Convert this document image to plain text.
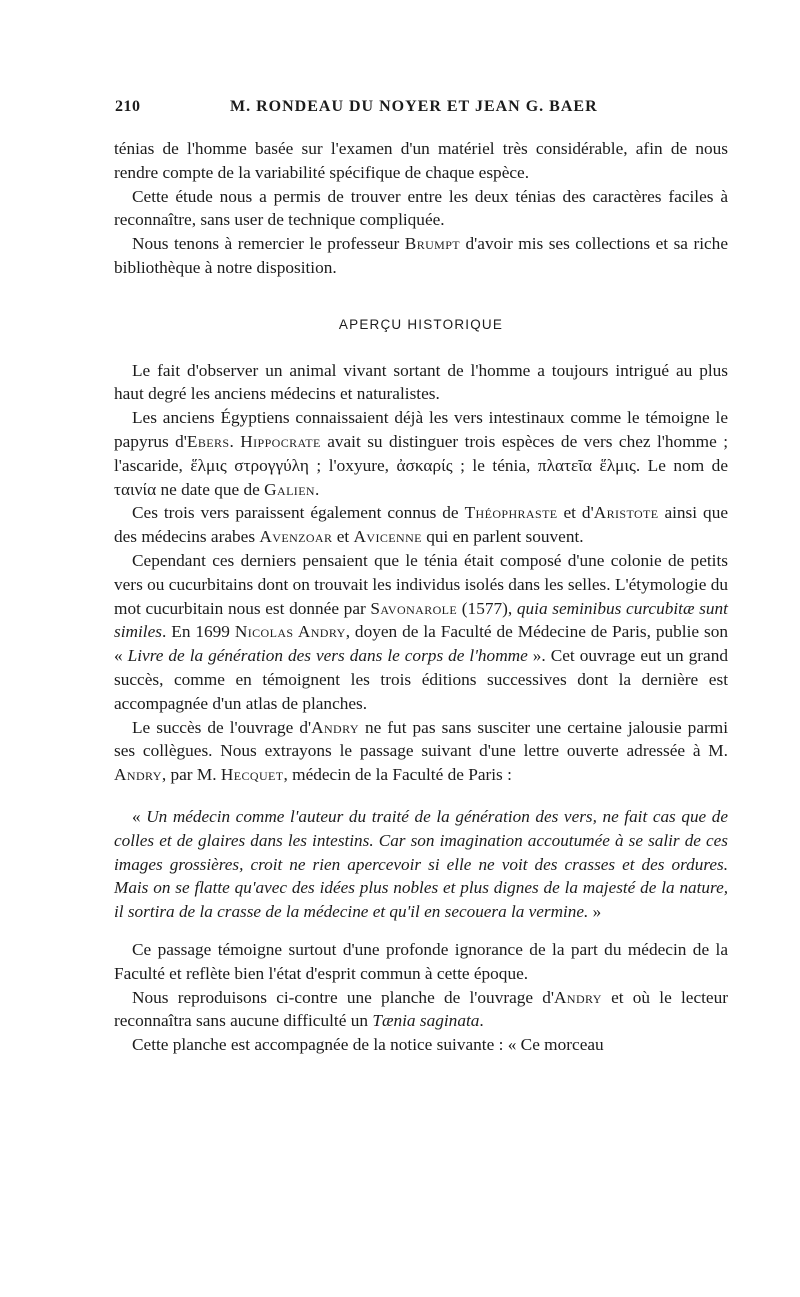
210	M. RONDEAU DU NOYER ET JEAN G. BAER

ténias de l'homme basée sur l'examen d'un matériel très considérable, afin de nous rendre compte de la variabilité spécifique de chaque espèce.

Cette étude nous a permis de trouver entre les deux ténias des caractères faciles à reconnaître, sans user de technique compliquée.

Nous tenons à remercier le professeur Brumpt d'avoir mis ses collections et sa riche bibliothèque à notre disposition.

APERÇU HISTORIQUE

Le fait d'observer un animal vivant sortant de l'homme a toujours intrigué au plus haut degré les anciens médecins et naturalistes.

Les anciens Égyptiens connaissaient déjà les vers intestinaux comme le témoigne le papyrus d'Ebers. Hippocrate avait su distinguer trois espèces de vers chez l'homme ; l'ascaride, ἕλμις στρογγύλη ; l'oxyure, ἀσκαρίς ; le ténia, πλατεῖα ἕλμις. Le nom de ταινία ne date que de Galien.

Ces trois vers paraissent également connus de Théophraste et d'Aristote ainsi que des médecins arabes Avenzoar et Avicenne qui en parlent souvent.

Cependant ces derniers pensaient que le ténia était composé d'une colonie de petits vers ou cucurbitains dont on trouvait les individus isolés dans les selles. L'étymologie du mot cucurbitain nous est donnée par Savonarole (1577), quia seminibus curcubitæ sunt similes. En 1699 Nicolas Andry, doyen de la Faculté de Médecine de Paris, publie son « Livre de la génération des vers dans le corps de l'homme ». Cet ouvrage eut un grand succès, comme en témoignent les trois éditions successives dont la dernière est accompagnée d'un atlas de planches.

Le succès de l'ouvrage d'Andry ne fut pas sans susciter une certaine jalousie parmi ses collègues. Nous extrayons le passage suivant d'une lettre ouverte adressée à M. Andry, par M. Hecquet, médecin de la Faculté de Paris :

« Un médecin comme l'auteur du traité de la génération des vers, ne fait cas que de colles et de glaires dans les intestins. Car son imagination accoutumée à se salir de ces images grossières, croit ne rien apercevoir si elle ne voit des crasses et des ordures. Mais on se flatte qu'avec des idées plus nobles et plus dignes de la majesté de la nature, il sortira de la crasse de la médecine et qu'il en secouera la vermine. »

Ce passage témoigne surtout d'une profonde ignorance de la part du médecin de la Faculté et reflète bien l'état d'esprit commun à cette époque.

Nous reproduisons ci-contre une planche de l'ouvrage d'Andry et où le lecteur reconnaîtra sans aucune difficulté un Tænia saginata.

Cette planche est accompagnée de la notice suivante : « Ce morceau
